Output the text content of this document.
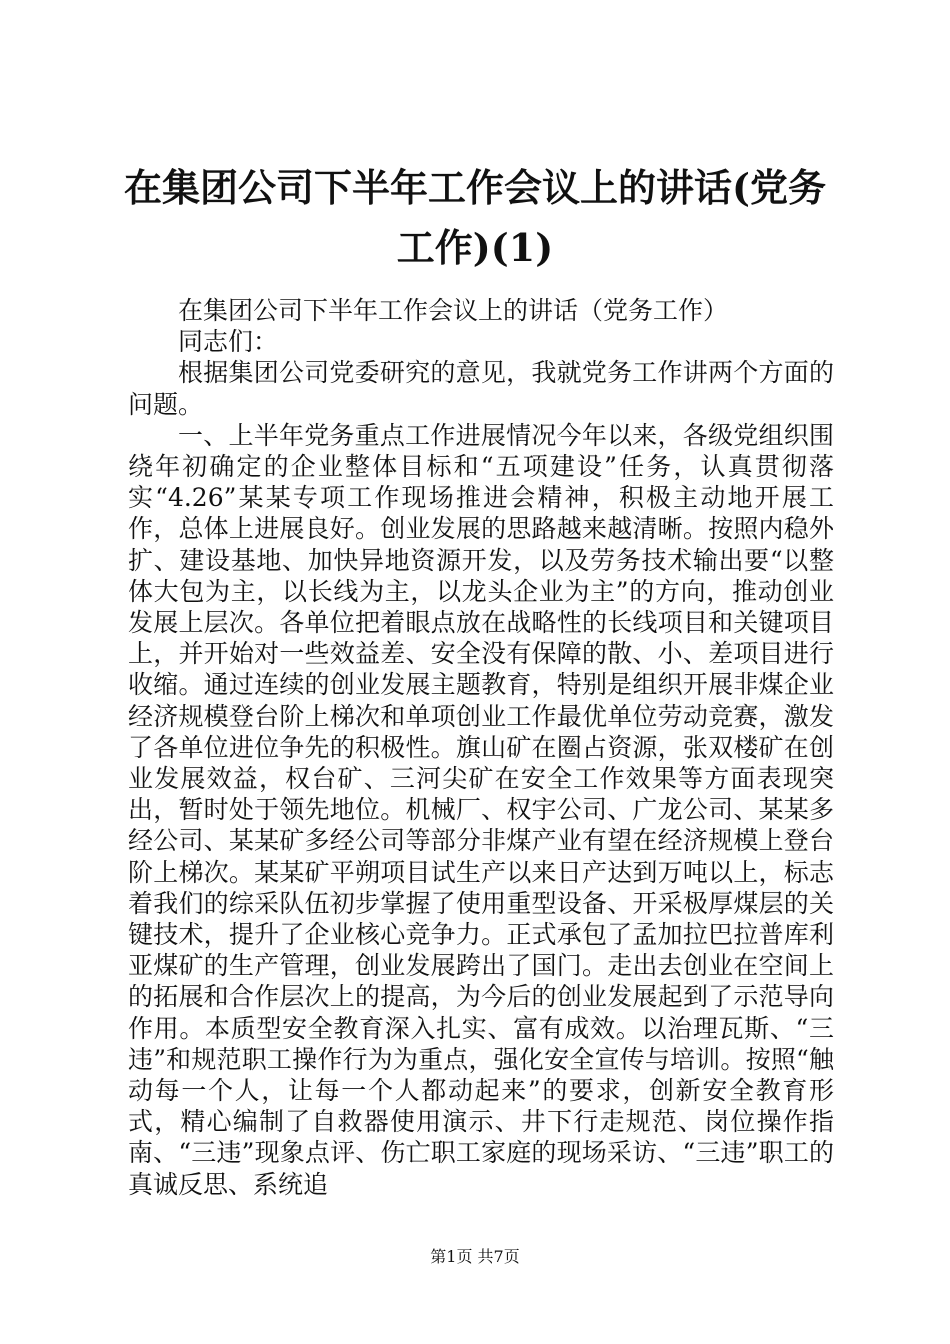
在集团公司下半年工作会议上的讲话(党务工作)(1)

在集团公司下半年工作会议上的讲话（党务工作）

同志们：

根据集团公司党委研究的意见，我就党务工作讲两个方面的问题。

一、上半年党务重点工作进展情况今年以来，各级党组织围绕年初确定的企业整体目标和“五项建设”任务，认真贯彻落实“4.26”某某专项工作现场推进会精神，积极主动地开展工作，总体上进展良好。创业发展的思路越来越清晰。按照内稳外扩、建设基地、加快异地资源开发，以及劳务技术输出要“以整体大包为主，以长线为主，以龙头企业为主”的方向，推动创业发展上层次。各单位把着眼点放在战略性的长线项目和关键项目上，并开始对一些效益差、安全没有保障的散、小、差项目进行收缩。通过连续的创业发展主题教育，特别是组织开展非煤企业经济规模登台阶上梯次和单项创业工作最优单位劳动竞赛，激发了各单位进位争先的积极性。旗山矿在圈占资源，张双楼矿在创业发展效益，权台矿、三河尖矿在安全工作效果等方面表现突出，暂时处于领先地位。机械厂、权宇公司、广龙公司、某某多经公司、某某矿多经公司等部分非煤产业有望在经济规模上登台阶上梯次。某某矿平朔项目试生产以来日产达到万吨以上，标志着我们的综采队伍初步掌握了使用重型设备、开采极厚煤层的关键技术，提升了企业核心竞争力。正式承包了孟加拉巴拉普库利亚煤矿的生产管理，创业发展跨出了国门。走出去创业在空间上的拓展和合作层次上的提高，为今后的创业发展起到了示范导向作用。本质型安全教育深入扎实、富有成效。以治理瓦斯、“三违”和规范职工操作行为为重点，强化安全宣传与培训。按照“触动每一个人，让每一个人都动起来”的要求，创新安全教育形式，精心编制了自救器使用演示、井下行走规范、岗位操作指南、“三违”现象点评、伤亡职工家庭的现场采访、“三违”职工的真诚反思、系统追

第1页 共7页
